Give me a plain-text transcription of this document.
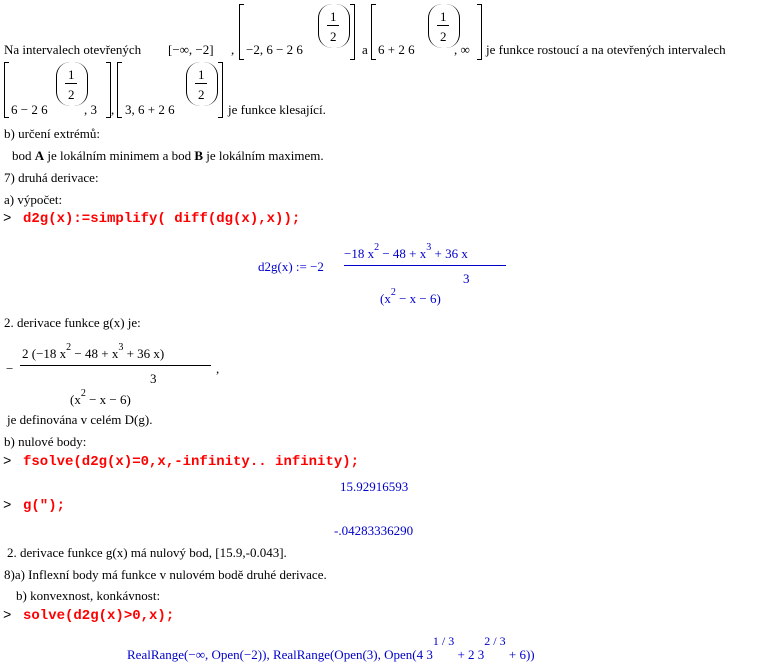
Na intervalech otevřených [−∞, −2] , −2, 6 − 2 6
1
2
a 6 + 2 6
1
2
, ∞ je funkce rostoucí a na otevřených intervalech
6 − 2 6
1
2
, 3 , 3, 6 + 2 6
1
2
je funkce klesající.
b) určení extrémů:
bod A je lokálním minimem a bod B je lokálním maximem.
7) druhá derivace:
a) výpočet:
> d2g(x):=simplify( diff(dg(x),x));
d2g(x) := −2
−18 $x^2 - 48 + x^3 + 36$ x
3
$(x^2 - x - 6)$
2. derivace funkce g(x) je:
−
2 (−18 $x^2 - 48 + x^3 + 36$ x)
3
$(x^2 - x - 6)$
,
je definována v celém D(g).
b) nulové body:
> fsolve(d2g(x)=0,x,-infinity.. infinity);
15.92916593
> g(");
-.04283336290
2. derivace funkce g(x) má nulový bod, [15.9,-0.043].
8)a) Inflexní body má funkce v nulovém bodě druhé derivace.
b) konvexnost, konkávnost:
> solve(d2g(x)>0,x);
RealRange(−∞, Open(−2)), RealRange(Open(3), Open(4 31 / 3 + 2 32 / 3 + 6))
